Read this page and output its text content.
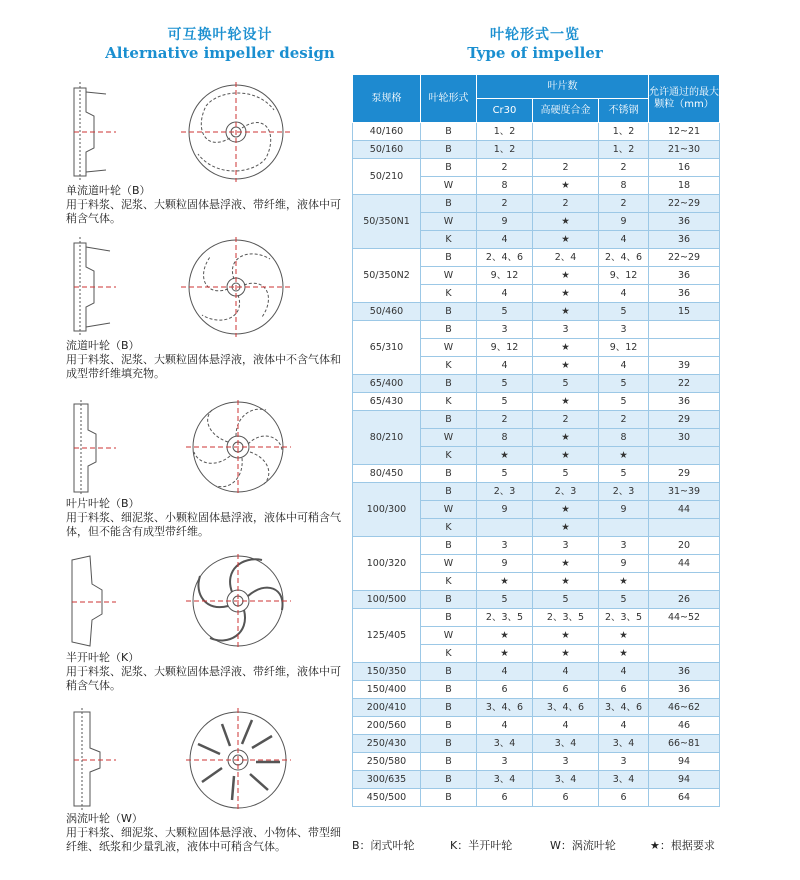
可互换叶轮设计
Alternative impeller design
叶轮形式一览
Type of impeller
单流道叶轮（B）
用于料浆、泥浆、大颗粒固体悬浮液、带纤维，液体中可稍含气体。
流道叶轮（B）
用于料浆、泥浆、大颗粒固体悬浮液，液体中不含气体和成型带纤维填充物。
叶片叶轮（B）
用于料浆、细泥浆、小颗粒固体悬浮液，液体中可稍含气体，但不能含有成型带纤维。
半开叶轮（K）
用于料浆、泥浆、大颗粒固体悬浮液、带纤维，液体中可稍含气体。
涡流叶轮（W）
用于料浆、细泥浆、大颗粒固体悬浮液、小物体、带型细纤维、纸浆和少量乳液，液体中可稍含气体。
泵规格	叶轮形式	叶片数			允许通过的最大颗粒（mm）
		Cr30	高硬度合金	不锈钢	
40/160	B	1、2		1、2	12~21
50/160	B	1、2		1、2	21~30
50/210	B	2	2	2	16
	W	8	★	8	18
50/350N1	B	2	2	2	22~29
	W	9	★	9	36
	K	4	★	4	36
50/350N2	B	2、4、6	2、4	2、4、6	22~29
	W	9、12	★	9、12	36
	K	4	★	4	36
50/460	B	5	★	5	15
65/310	B	3	3	3	
	W	9、12	★	9、12	
	K	4	★	4	39
65/400	B	5	5	5	22
65/430	K	5	★	5	36
80/210	B	2	2	2	29
	W	8	★	8	30
	K	★	★	★	
80/450	B	5	5	5	29
100/300	B	2、3	2、3	2、3	31~39
	W	9	★	9	44
	K		★		
100/320	B	3	3	3	20
	W	9	★	9	44
	K	★	★	★	
100/500	B	5	5	5	26
125/405	B	2、3、5	2、3、5	2、3、5	44~52
	W	★	★	★	
	K	★	★	★	
150/350	B	4	4	4	36
150/400	B	6	6	6	36
200/410	B	3、4、6	3、4、6	3、4、6	46~62
200/560	B	4	4	4	46
250/430	B	3、4	3、4	3、4	66~81
250/580	B	3	3	3	94
300/635	B	3、4	3、4	3、4	94
450/500	B	6	6	6	64
B：闭式叶轮	K：半开叶轮	W：涡流叶轮	★：根据要求
